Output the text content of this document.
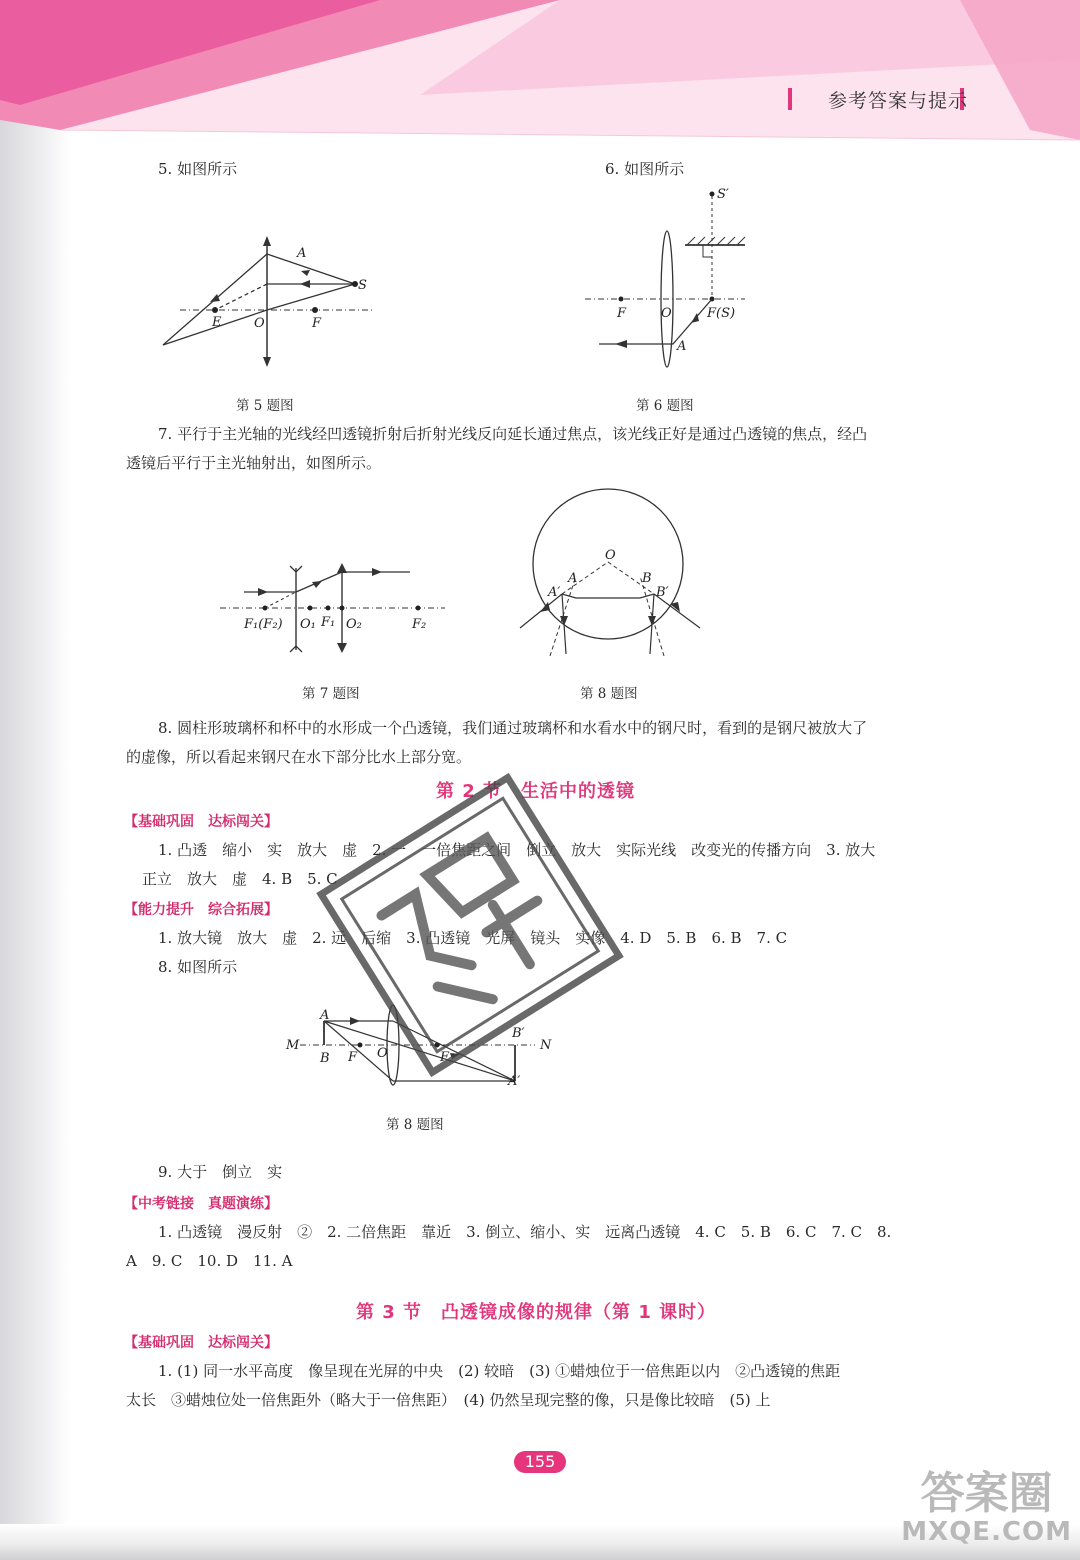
参考答案与提示
5. 如图所示	6. 如图所示
A
S
E	O	F
第 5 题图
S′
F	O	F(S)
A
第 6 题图
7. 平行于主光轴的光线经凹透镜折射后折射光线反向延长通过焦点，该光线正好是通过凸透镜的焦点，经凸
透镜后平行于主光轴射出，如图所示。
F₁(F₂) O₁ F₁ O₂	F₂
第 7 题图
O
A′
A	B
B′
第 8 题图
8. 圆柱形玻璃杯和杯中的水形成一个凸透镜，我们通过玻璃杯和水看水中的钢尺时，看到的是钢尺被放大了
的虚像，所以看起来钢尺在水下部分比水上部分宽。
第 2 节　生活中的透镜
【基础巩固　达标闯关】
1. 凸透　缩小　实　放大　虚　2. 一　一倍焦距之间　倒立　放大　实际光线　改变光的传播方向　3. 放大
正立　放大　虚　4. B　5. C
【能力提升　综合拓展】
1. 放大镜　放大　虚　2. 远　后缩　3. 凸透镜　光屏　镜头　实像　4. D　5. B　6. B　7. C
8. 如图所示
M
A
B F O	F
N
B′
A′
第 8 题图
9. 大于　倒立　实
【中考链接　真题演练】
1. 凸透镜　漫反射　②　2. 二倍焦距　靠近　3. 倒立、缩小、实　远离凸透镜　4. C　5. B　6. C　7. C　8.
A　9. C　10. D　11. A
第 3 节　凸透镜成像的规律（第 1 课时）
【基础巩固　达标闯关】
1. (1) 同一水平高度　像呈现在光屏的中央　(2) 较暗　(3) ①蜡烛位于一倍焦距以内　②凸透镜的焦距
太长　③蜡烛位处一倍焦距外（略大于一倍焦距）　(4) 仍然呈现完整的像，只是像比较暗　(5) 上
155
答案圈
MXQE.COM
